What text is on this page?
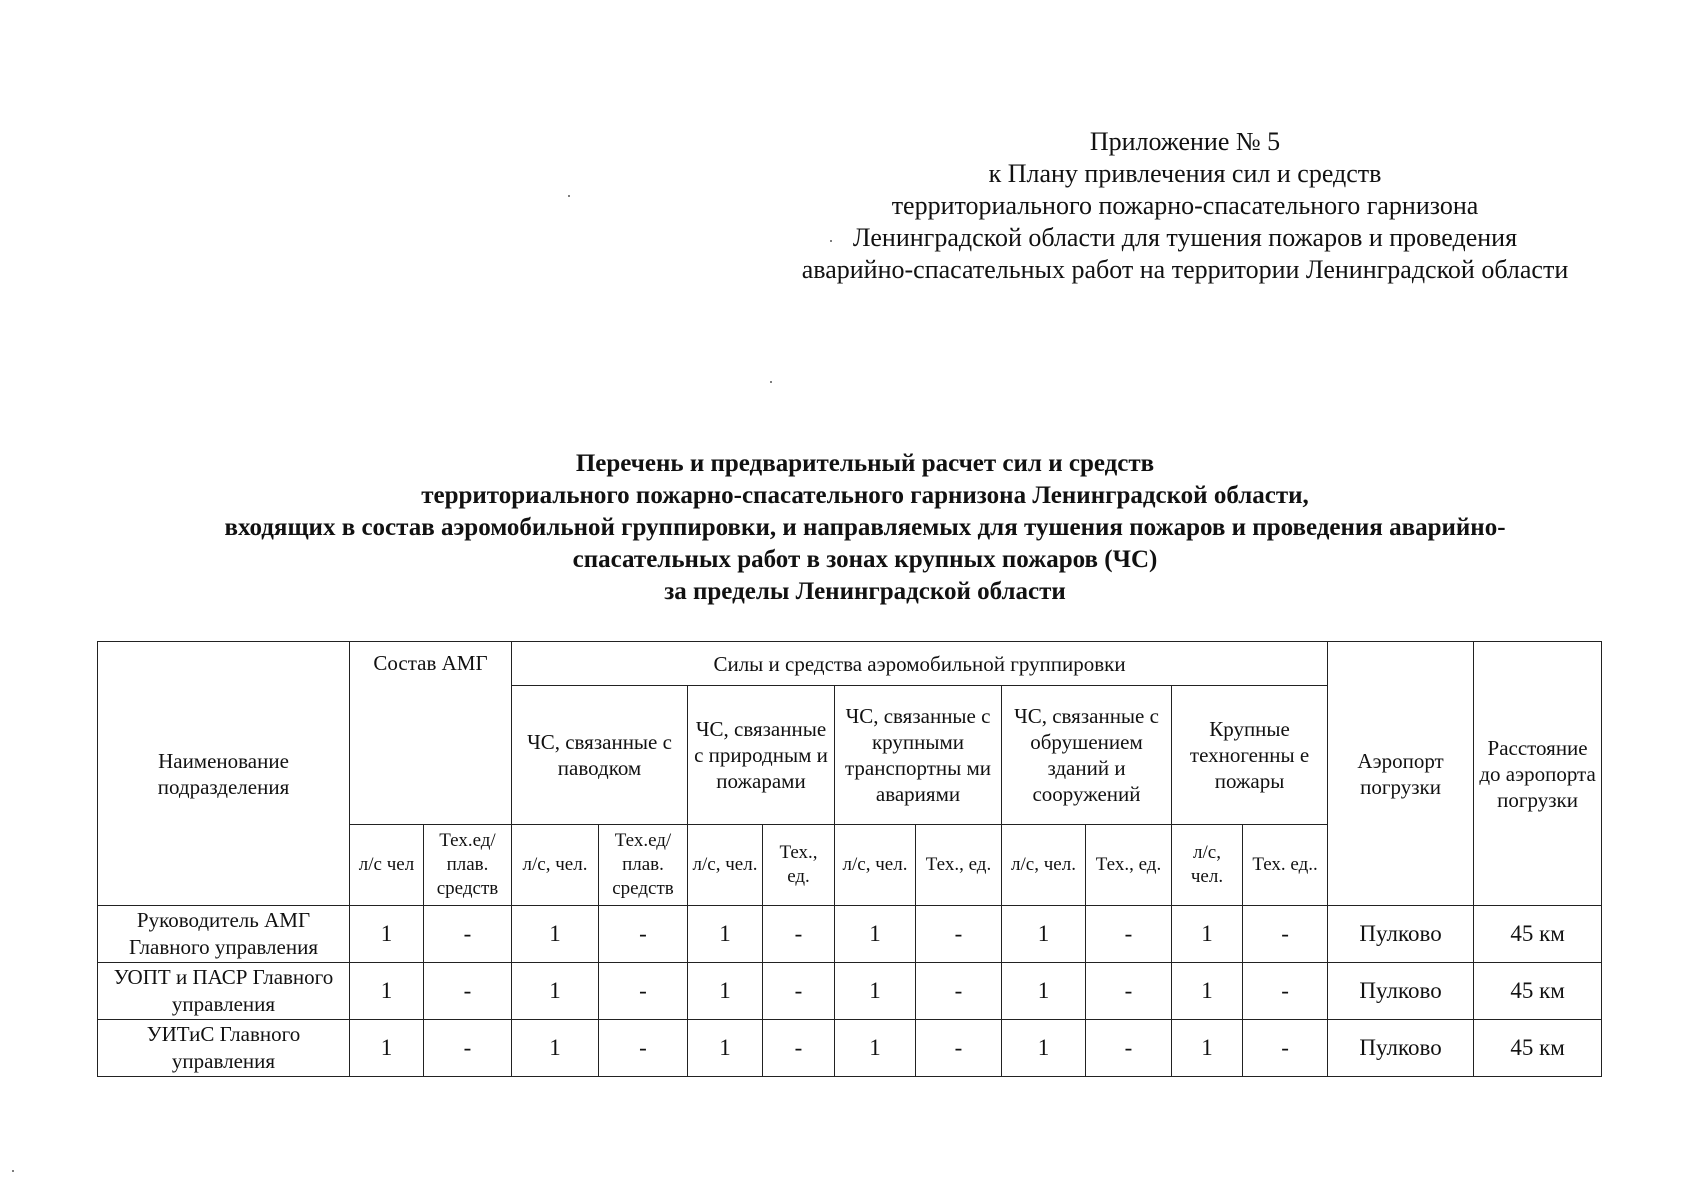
Приложение № 5
к Плану привлечения сил и средств
территориального пожарно-спасательного гарнизона
Ленинградской области для тушения пожаров и проведения
аварийно-спасательных работ на территории Ленинградской области
Перечень и предварительный расчет сил и средств
территориального пожарно-спасательного гарнизона Ленинградской области,
входящих в состав аэромобильной группировки, и направляемых для тушения пожаров и проведения аварийно-
спасательных работ в зонах крупных пожаров (ЧС)
за пределы Ленинградской области
Наименование подразделения	Состав АМГ		Силы и средства аэромобильной группировки										Аэропорт погрузки	Расстояние до аэропорта погрузки
			ЧС, связанные с паводком		ЧС, связанные с природным и пожарами		ЧС, связанные с крупными транспортны ми авариями		ЧС, связанные с обрушением зданий и сооружений		Крупные техногенны е пожары			
	л/с чел	Тех.ед/ плав. средств	л/с, чел.	Тех.ед/ плав. средств	л/с, чел.	Тех., ед.	л/с, чел.	Тех., ед.	л/с, чел.	Тех., ед.	л/с, чел.	Тех. ед..		
Руководитель АМГ Главного управления	1	-	1	-	1	-	1	-	1	-	1	-	Пулково	45 км
УОПТ и ПАСР Главного управления	1	-	1	-	1	-	1	-	1	-	1	-	Пулково	45 км
УИТиС Главного управления	1	-	1	-	1	-	1	-	1	-	1	-	Пулково	45 км
